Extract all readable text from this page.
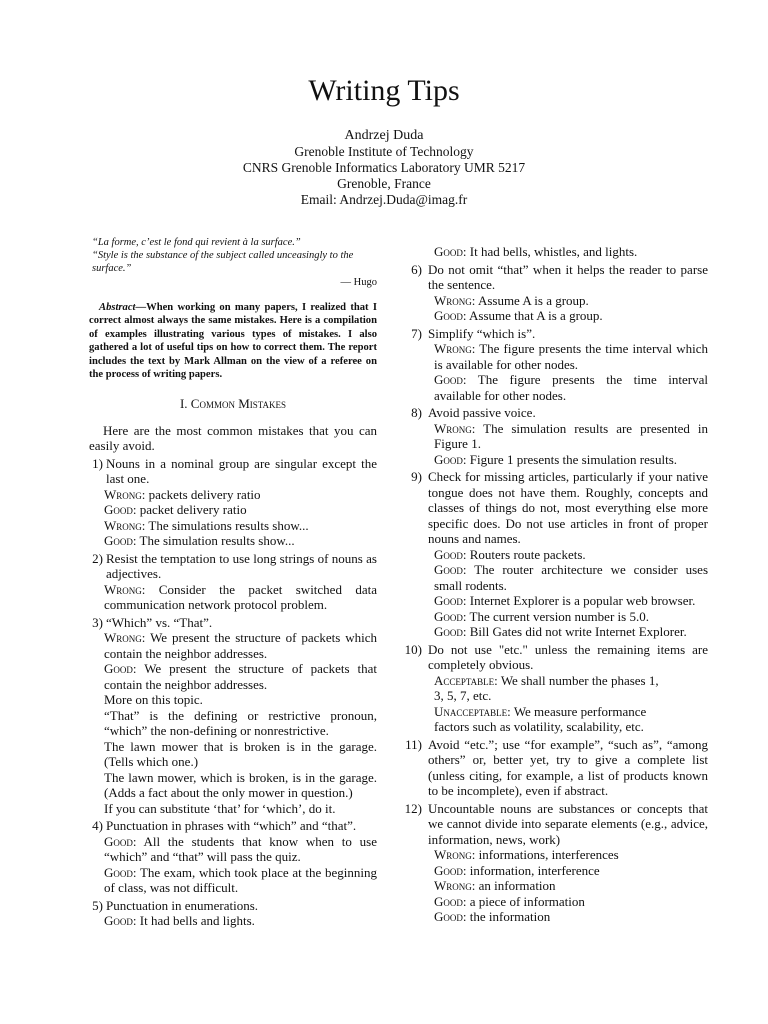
Writing Tips
Andrzej Duda
Grenoble Institute of Technology
CNRS Grenoble Informatics Laboratory UMR 5217
Grenoble, France
Email: Andrzej.Duda@imag.fr
“La forme, c’est le fond qui revient à la surface.”
“Style is the substance of the subject called unceasingly to the surface.”
— Hugo
Abstract—When working on many papers, I realized that I correct almost always the same mistakes. Here is a compilation of examples illustrating various types of mistakes. I also gathered a lot of useful tips on how to correct them. The report includes the text by Mark Allman on the view of a referee on the process of writing papers.
I. Common Mistakes
Here are the most common mistakes that you can easily avoid.
1) Nouns in a nominal group are singular except the last one.
Wrong: packets delivery ratio
Good: packet delivery ratio
Wrong: The simulations results show...
Good: The simulation results show...
2) Resist the temptation to use long strings of nouns as adjectives.
Wrong: Consider the packet switched data communication network protocol problem.
3) “Which” vs. “That”.
Wrong: We present the structure of packets which contain the neighbor addresses.
Good: We present the structure of packets that contain the neighbor addresses.
More on this topic.
“That” is the defining or restrictive pronoun, “which” the non-defining or nonrestrictive.
The lawn mower that is broken is in the garage. (Tells which one.)
The lawn mower, which is broken, is in the garage. (Adds a fact about the only mower in question.)
If you can substitute ‘that’ for ‘which’, do it.
4) Punctuation in phrases with “which” and “that”.
Good: All the students that know when to use “which” and “that” will pass the quiz.
Good: The exam, which took place at the beginning of class, was not difficult.
5) Punctuation in enumerations.
Good: It had bells and lights.
Good: It had bells, whistles, and lights.
6) Do not omit “that” when it helps the reader to parse the sentence.
Wrong: Assume A is a group.
Good: Assume that A is a group.
7) Simplify “which is”.
Wrong: The figure presents the time interval which is available for other nodes.
Good: The figure presents the time interval available for other nodes.
8) Avoid passive voice.
Wrong: The simulation results are presented in Figure 1.
Good: Figure 1 presents the simulation results.
9) Check for missing articles, particularly if your native tongue does not have them. Roughly, concepts and classes of things do not, most everything else more specific does. Do not use articles in front of proper nouns and names.
Good: Routers route packets.
Good: The router architecture we consider uses small rodents.
Good: Internet Explorer is a popular web browser.
Good: The current version number is 5.0.
Good: Bill Gates did not write Internet Explorer.
10) Do not use "etc." unless the remaining items are completely obvious.
Acceptable: We shall number the phases 1, 3, 5, 7, etc.
Unacceptable: We measure performance factors such as volatility, scalability, etc.
11) Avoid “etc.”; use “for example”, “such as”, “among others” or, better yet, try to give a complete list (unless citing, for example, a list of products known to be incomplete), even if abstract.
12) Uncountable nouns are substances or concepts that we cannot divide into separate elements (e.g., advice, information, news, work)
Wrong: informations, interferences
Good: information, interference
Wrong: an information
Good: a piece of information
Good: the information
